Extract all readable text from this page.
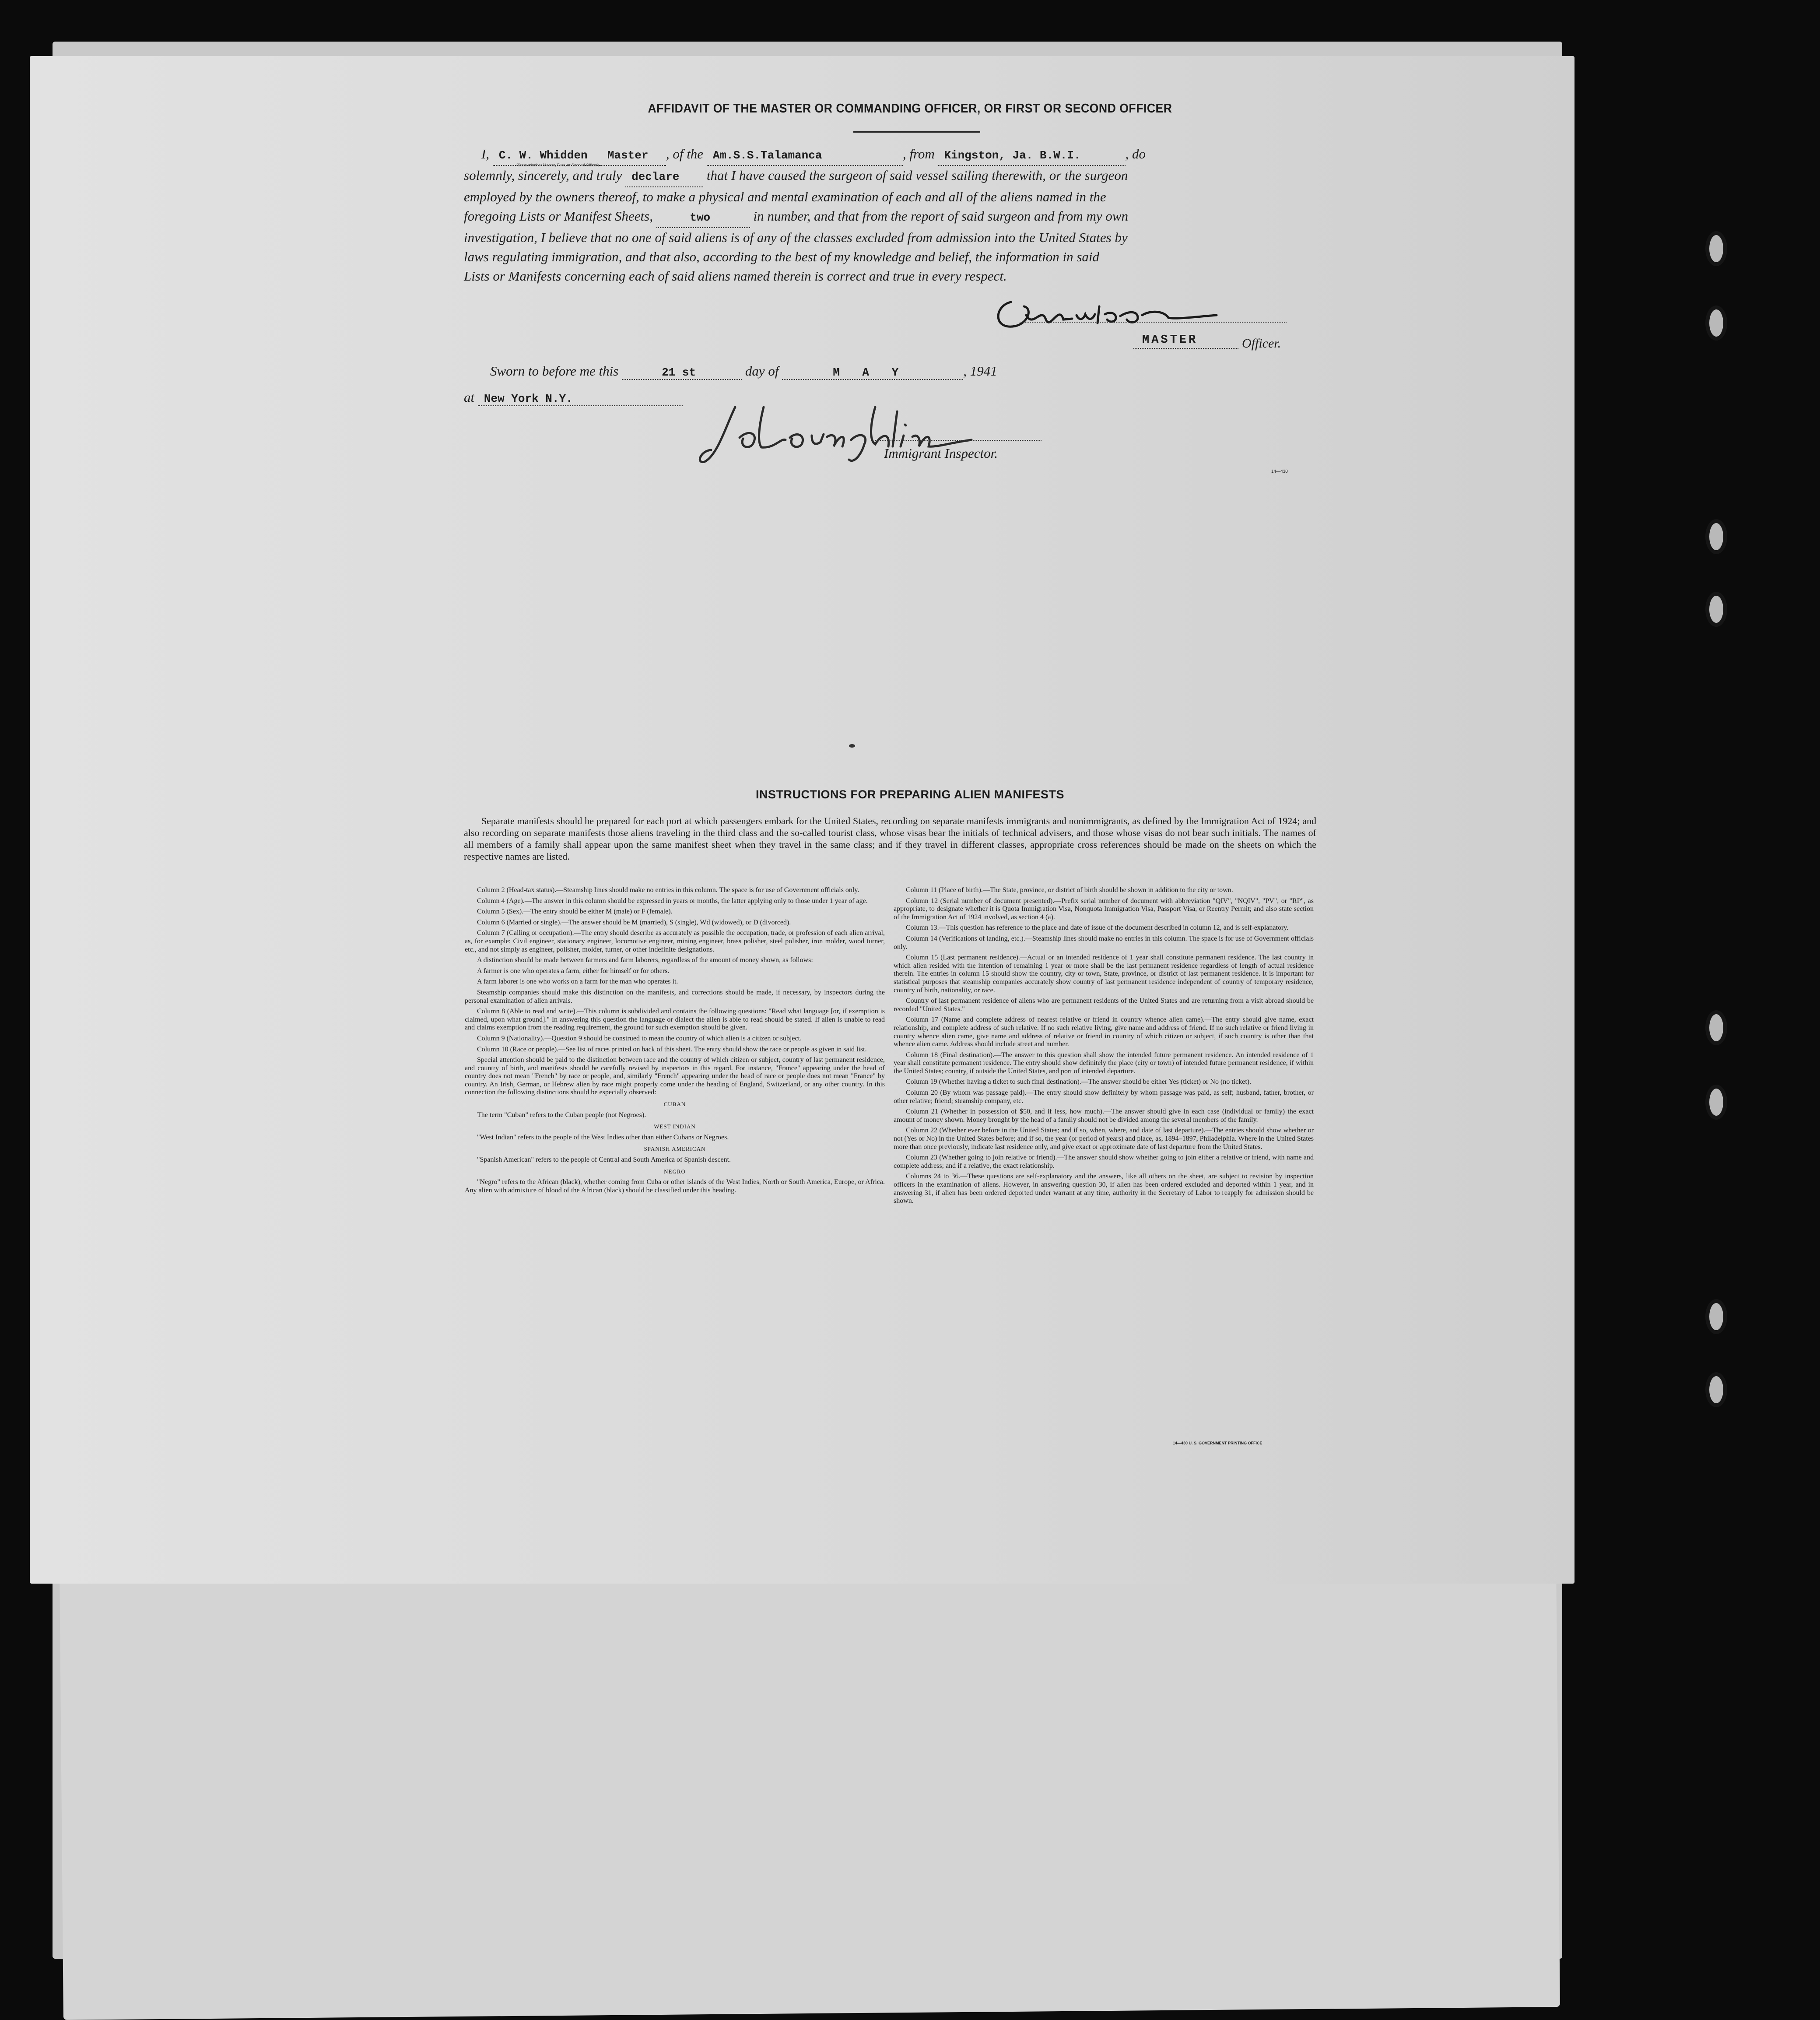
AFFIDAVIT OF THE MASTER OR COMMANDING OFFICER, OR FIRST OR SECOND OFFICER

I, C. W. Whidden Master , of the Am.S.S.Talamanca	, from Kingston, Ja. B.W.I.	, do

solemnly, sincerely, and truly declare that I have caused the surgeon of said vessel sailing therewith, or the surgeon

employed by the owners thereof, to make a physical and mental examination of each and all of the aliens named in the

foregoing Lists or Manifest Sheets,	two	in number, and that from the report of said surgeon and from my own

investigation, I believe that no one of said aliens is of any of the classes excluded from admission into the United States by

laws regulating immigration, and that also, according to the best of my knowledge and belief, the information in said

Lists or Manifests concerning each of said aliens named therein is correct and true in every respect.

(State whether Master, First, or Second Officer)
MASTER	Officer.
Sworn to before me this	21 st	day of	M A Y	, 1941
at New York N.Y.
Immigrant Inspector.
14—430
INSTRUCTIONS FOR PREPARING ALIEN MANIFESTS

Separate manifests should be prepared for each port at which passengers embark for the United States, recording on separate manifests immigrants and nonimmigrants, as defined by the Immigration Act of 1924; and also recording on separate manifests those aliens traveling in the third class and the so-called tourist class, whose visas bear the initials of technical advisers, and those whose visas do not bear such initials. The names of all members of a family shall appear upon the same manifest sheet when they travel in the same class; and if they travel in different classes, appropriate cross references should be made on the sheets on which the respective names are listed.

Column 2 (Head-tax status).—Steamship lines should make no entries in this column. The space is for use of Government officials only.

Column 4 (Age).—The answer in this column should be expressed in years or months, the latter applying only to those under 1 year of age.

Column 5 (Sex).—The entry should be either M (male) or F (female).

Column 6 (Married or single).—The answer should be M (married), S (single), Wd (widowed), or D (divorced).

Column 7 (Calling or occupation).—The entry should describe as accurately as possible the occupation, trade, or profession of each alien arrival, as, for example: Civil engineer, stationary engineer, locomotive engineer, mining engineer, brass polisher, steel polisher, iron molder, wood turner, etc., and not simply as engineer, polisher, molder, turner, or other indefinite designations.

A distinction should be made between farmers and farm laborers, regardless of the amount of money shown, as follows:

A farmer is one who operates a farm, either for himself or for others.

A farm laborer is one who works on a farm for the man who operates it.

Steamship companies should make this distinction on the manifests, and corrections should be made, if necessary, by inspectors during the personal examination of alien arrivals.

Column 8 (Able to read and write).—This column is subdivided and contains the following questions: "Read what language [or, if exemption is claimed, upon what ground]." In answering this question the language or dialect the alien is able to read should be stated. If alien is unable to read and claims exemption from the reading requirement, the ground for such exemption should be given.

Column 9 (Nationality).—Question 9 should be construed to mean the country of which alien is a citizen or subject.

Column 10 (Race or people).—See list of races printed on back of this sheet. The entry should show the race or people as given in said list.

Special attention should be paid to the distinction between race and the country of which citizen or subject, country of last permanent residence, and country of birth, and manifests should be carefully revised by inspectors in this regard. For instance, "France" appearing under the head of country does not mean "French" by race or people, and, similarly "French" appearing under the head of race or people does not mean "France" by country. An Irish, German, or Hebrew alien by race might properly come under the heading of England, Switzerland, or any other country. In this connection the following distinctions should be especially observed:

CUBAN

The term "Cuban" refers to the Cuban people (not Negroes).

WEST INDIAN

"West Indian" refers to the people of the West Indies other than either Cubans or Negroes.

SPANISH AMERICAN

"Spanish American" refers to the people of Central and South America of Spanish descent.

NEGRO

"Negro" refers to the African (black), whether coming from Cuba or other islands of the West Indies, North or South America, Europe, or Africa. Any alien with admixture of blood of the African (black) should be classified under this heading.

Column 11 (Place of birth).—The State, province, or district of birth should be shown in addition to the city or town.

Column 12 (Serial number of document presented).—Prefix serial number of document with abbreviation "QIV", "NQIV", "PV", or "RP", as appropriate, to designate whether it is Quota Immigration Visa, Nonquota Immigration Visa, Passport Visa, or Reentry Permit; and also state section of the Immigration Act of 1924 involved, as section 4 (a).

Column 13.—This question has reference to the place and date of issue of the document described in column 12, and is self-explanatory.

Column 14 (Verifications of landing, etc.).—Steamship lines should make no entries in this column. The space is for use of Government officials only.

Column 15 (Last permanent residence).—Actual or an intended residence of 1 year shall constitute permanent residence. The last country in which alien resided with the intention of remaining 1 year or more shall be the last permanent residence regardless of length of actual residence therein. The entries in column 15 should show the country, city or town, State, province, or district of last permanent residence. It is important for statistical purposes that steamship companies accurately show country of last permanent residence independent of country of temporary residence, country of birth, nationality, or race.

Country of last permanent residence of aliens who are permanent residents of the United States and are returning from a visit abroad should be recorded "United States."

Column 17 (Name and complete address of nearest relative or friend in country whence alien came).—The entry should give name, exact relationship, and complete address of such relative. If no such relative living, give name and address of friend. If no such relative or friend living in country whence alien came, give name and address of relative or friend in country of which citizen or subject, if such country is other than that whence alien came. Address should include street and number.

Column 18 (Final destination).—The answer to this question shall show the intended future permanent residence. An intended residence of 1 year shall constitute permanent residence. The entry should show definitely the place (city or town) of intended future permanent residence, if within the United States; country, if outside the United States, and port of intended departure.

Column 19 (Whether having a ticket to such final destination).—The answer should be either Yes (ticket) or No (no ticket).

Column 20 (By whom was passage paid).—The entry should show definitely by whom passage was paid, as self; husband, father, brother, or other relative; friend; steamship company, etc.

Column 21 (Whether in possession of $50, and if less, how much).—The answer should give in each case (individual or family) the exact amount of money shown. Money brought by the head of a family should not be divided among the several members of the family.

Column 22 (Whether ever before in the United States; and if so, when, where, and date of last departure).—The entries should show whether or not (Yes or No) in the United States before; and if so, the year (or period of years) and place, as, 1894–1897, Philadelphia. Where in the United States more than once previously, indicate last residence only, and give exact or approximate date of last departure from the United States.

Column 23 (Whether going to join relative or friend).—The answer should show whether going to join either a relative or friend, with name and complete address; and if a relative, the exact relationship.

Columns 24 to 36.—These questions are self-explanatory and the answers, like all others on the sheet, are subject to revision by inspection officers in the examination of aliens. However, in answering question 30, if alien has been ordered excluded and deported within 1 year, and in answering 31, if alien has been ordered deported under warrant at any time, authority in the Secretary of Labor to reapply for admission should be shown.

14—430 U. S. GOVERNMENT PRINTING OFFICE
